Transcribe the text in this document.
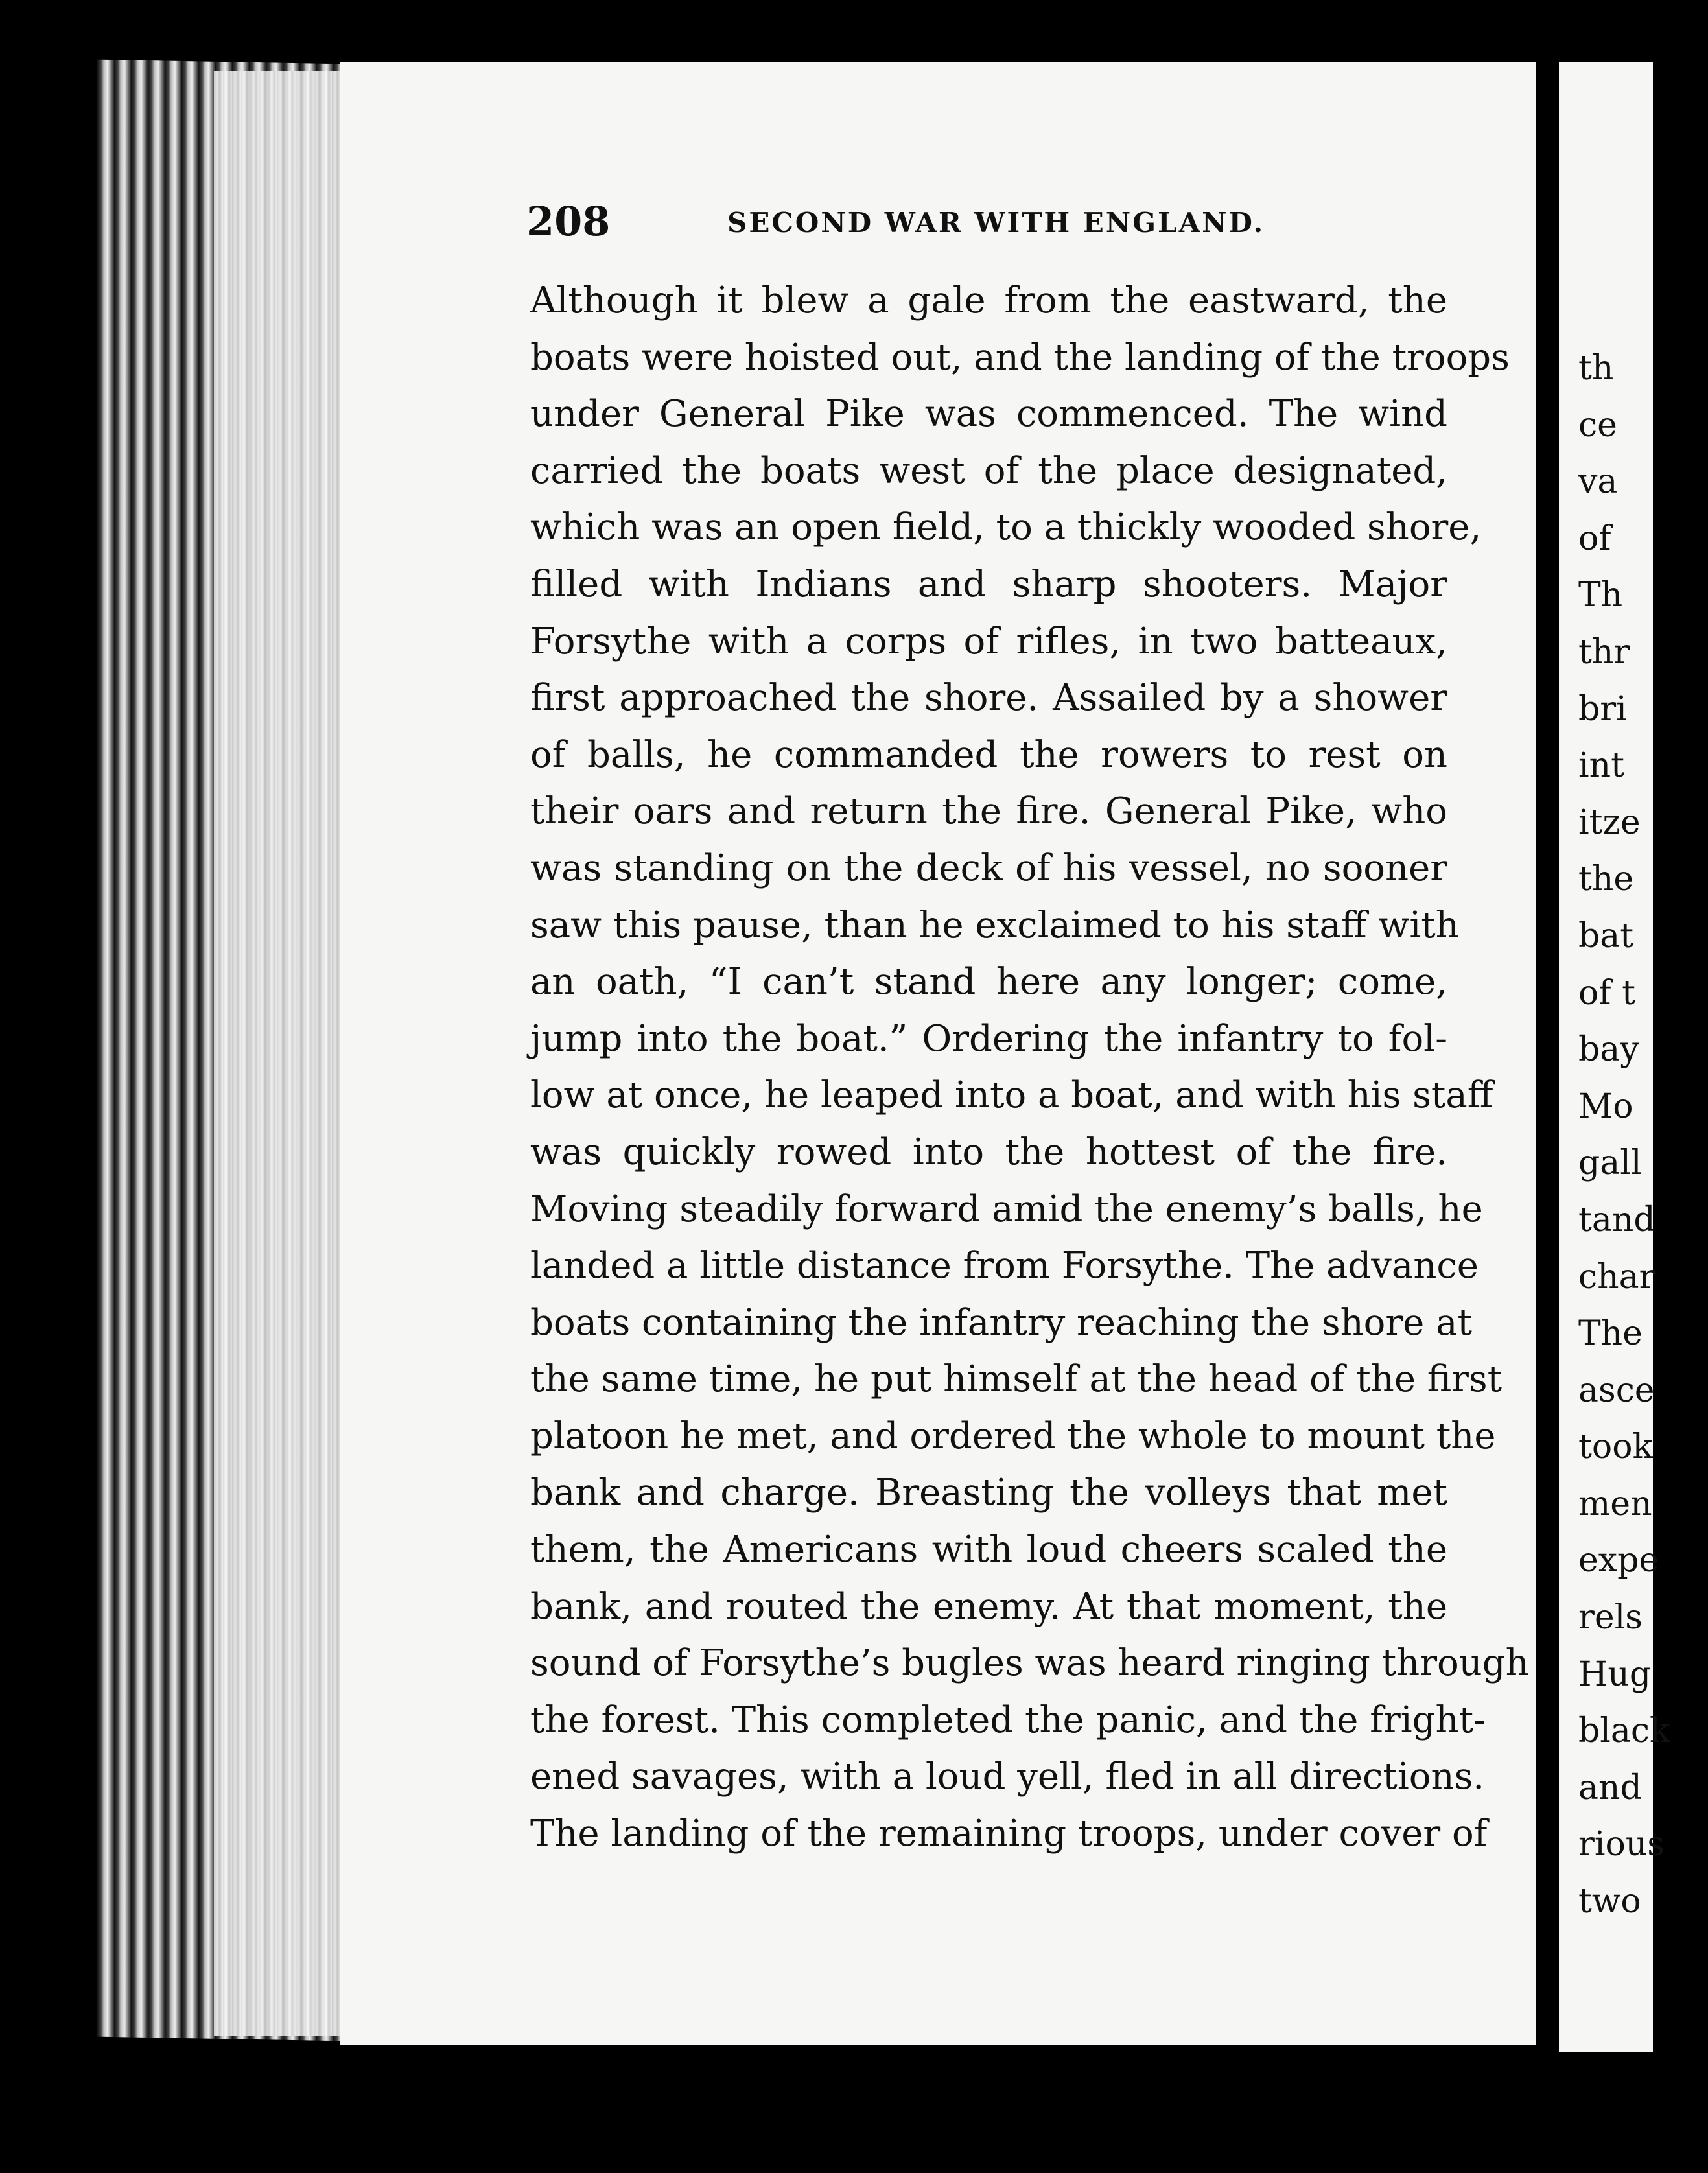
208	SECOND WAR WITH ENGLAND.
Although it blew a gale from the eastward, the
boats were hoisted out, and the landing of the troops
under General Pike was commenced. The wind
carried the boats west of the place designated,
which was an open field, to a thickly wooded shore,
filled with Indians and sharp shooters. Major
Forsythe with a corps of rifles, in two batteaux,
first approached the shore. Assailed by a shower
of balls, he commanded the rowers to rest on
their oars and return the fire. General Pike, who
was standing on the deck of his vessel, no sooner
saw this pause, than he exclaimed to his staff with
an oath, “I can’t stand here any longer; come,
jump into the boat.” Ordering the infantry to fol-
low at once, he leaped into a boat, and with his staff
was quickly rowed into the hottest of the fire.
Moving steadily forward amid the enemy’s balls, he
landed a little distance from Forsythe. The advance
boats containing the infantry reaching the shore at
the same time, he put himself at the head of the first
platoon he met, and ordered the whole to mount the
bank and charge. Breasting the volleys that met
them, the Americans with loud cheers scaled the
bank, and routed the enemy. At that moment, the
sound of Forsythe’s bugles was heard ringing through
the forest. This completed the panic, and the fright-
ened savages, with a loud yell, fled in all directions.
The landing of the remaining troops, under cover of
th
ce
va
of
Th
thr
bri
int
itze
the
bat
of t
bay
Mo
gall
tand
char
The
asce
took
men
expe
rels
Hug
black
and
rious
two
